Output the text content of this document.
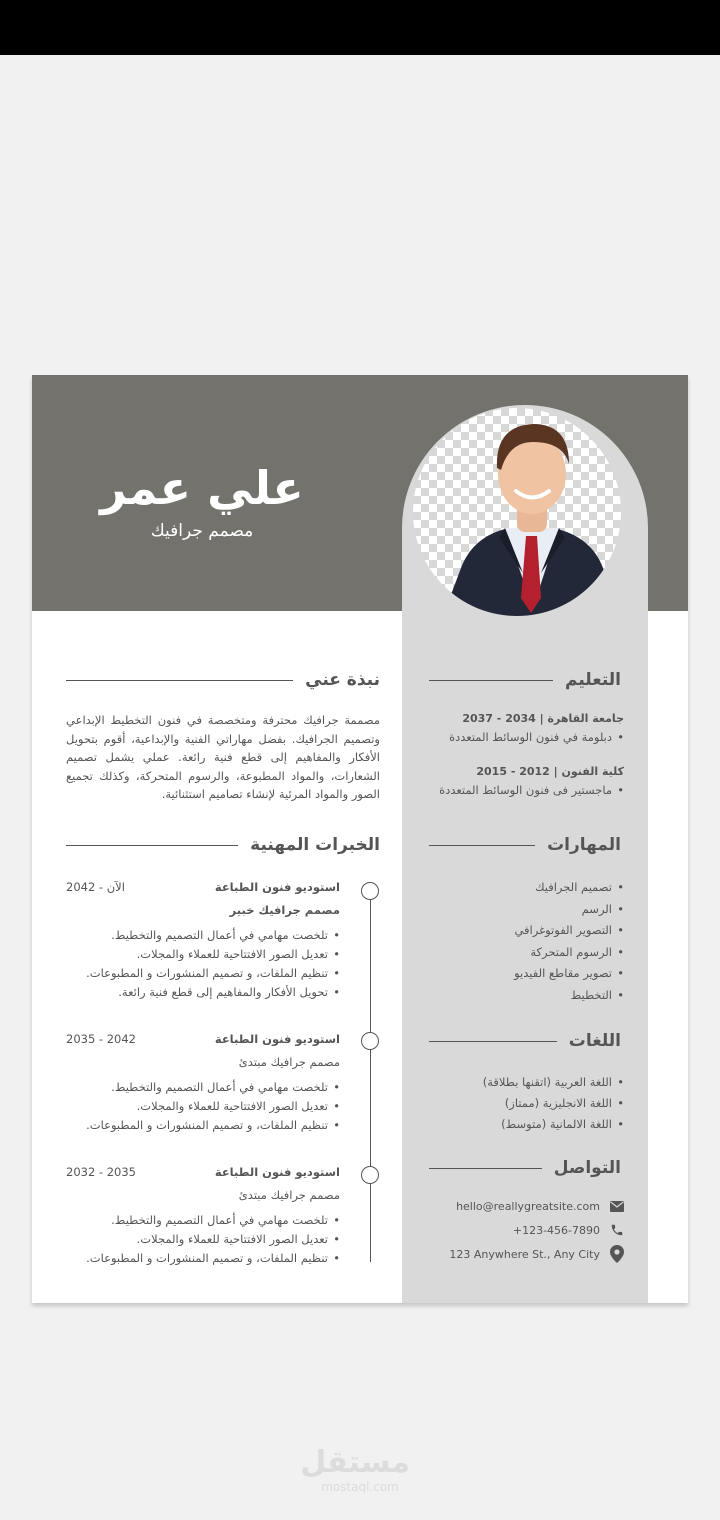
علي عمر
مصمم جرافيك
التعليم
جامعة القاهرة | 2034 - 2037
• دبلومة في فنون الوسائط المتعددة
كلية الفنون | 2012 - 2015
• ماجستير فى فنون الوسائط المتعددة
المهارات
• تصميم الجرافيك
• الرسم
• التصوير الفوتوغرافي
• الرسوم المتحركة
• تصوير مقاطع الفيديو
• التخطيط
اللغات
• اللغة العربية (اتقنها بطلاقة)
• اللغة الانجليزية (ممتاز)
• اللغة الالمانية (متوسط)
التواصل
hello@reallygreatsite.com
+123-456-7890
123 Anywhere St., Any City
نبذة عني

مصممة جرافيك محترفة ومتخصصة في فنون التخطيط الإبداعي وتصميم الجرافيك. بفضل مهاراتي الفنية والإبداعية، أقوم بتحويل الأفكار والمفاهيم إلى قطع فنية رائعة. عملي يشمل تصميم الشعارات، والمواد المطبوعة، والرسوم المتحركة، وكذلك تجميع الصور والمواد المرئية لإنشاء تصاميم استثنائية.

الخبرات المهنية
استوديو فنون الطباعة
2042 - الآن
مصمم جرافيك خبير
• تلخصت مهامي في أعمال التصميم والتخطيط.
• تعديل الصور الافتتاحية للعملاء والمجلات.
• تنظيم الملفات، و تصميم المنشورات و المطبوعات.
• تحويل الأفكار والمفاهيم إلى قطع فنية رائعة.
استوديو فنون الطباعة
2035 - 2042
مصمم جرافيك مبتدئ
• تلخصت مهامي في أعمال التصميم والتخطيط.
• تعديل الصور الافتتاحية للعملاء والمجلات.
• تنظيم الملفات، و تصميم المنشورات و المطبوعات.
استوديو فنون الطباعة
2032 - 2035
مصمم جرافيك مبتدئ
• تلخصت مهامي في أعمال التصميم والتخطيط.
• تعديل الصور الافتتاحية للعملاء والمجلات.
• تنظيم الملفات، و تصميم المنشورات و المطبوعات.
مستقل
mostaql.com
